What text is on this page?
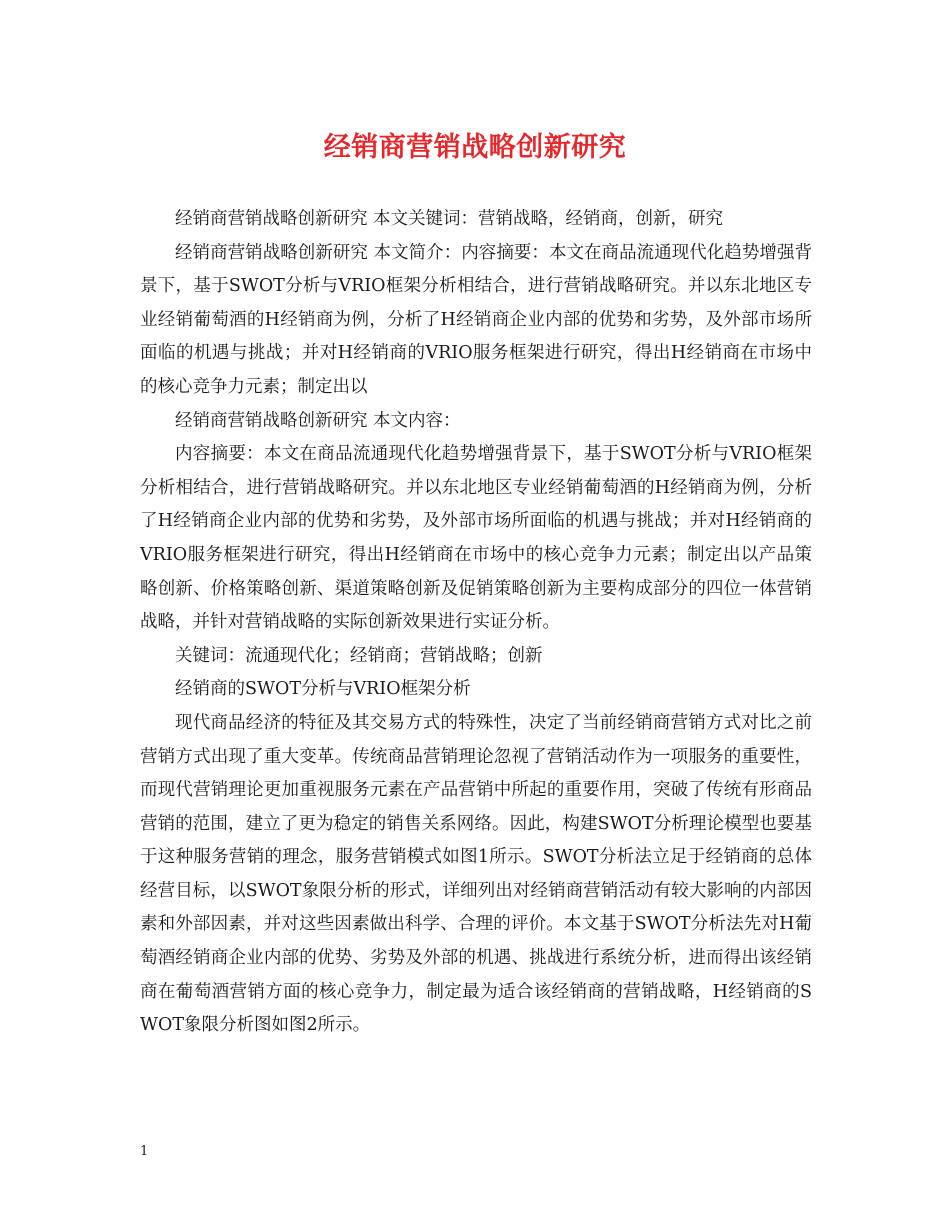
经销商营销战略创新研究

经销商营销战略创新研究 本文关键词：营销战略，经销商，创新，研究

经销商营销战略创新研究 本文简介：内容摘要：本文在商品流通现代化趋势增强背景下，基于SWOT分析与VRIO框架分析相结合，进行营销战略研究。并以东北地区专业经销葡萄酒的H经销商为例，分析了H经销商企业内部的优势和劣势，及外部市场所面临的机遇与挑战；并对H经销商的VRIO服务框架进行研究，得出H经销商在市场中的核心竞争力元素；制定出以

经销商营销战略创新研究 本文内容：

内容摘要：本文在商品流通现代化趋势增强背景下，基于SWOT分析与VRIO框架分析相结合，进行营销战略研究。并以东北地区专业经销葡萄酒的H经销商为例，分析了H经销商企业内部的优势和劣势，及外部市场所面临的机遇与挑战；并对H经销商的VRIO服务框架进行研究，得出H经销商在市场中的核心竞争力元素；制定出以产品策略创新、价格策略创新、渠道策略创新及促销策略创新为主要构成部分的四位一体营销战略，并针对营销战略的实际创新效果进行实证分析。

关键词：流通现代化；经销商；营销战略；创新

经销商的SWOT分析与VRIO框架分析

现代商品经济的特征及其交易方式的特殊性，决定了当前经销商营销方式对比之前营销方式出现了重大变革。传统商品营销理论忽视了营销活动作为一项服务的重要性，而现代营销理论更加重视服务元素在产品营销中所起的重要作用，突破了传统有形商品营销的范围，建立了更为稳定的销售关系网络。因此，构建SWOT分析理论模型也要基于这种服务营销的理念，服务营销模式如图1所示。SWOT分析法立足于经销商的总体经营目标，以SWOT象限分析的形式，详细列出对经销商营销活动有较大影响的内部因素和外部因素，并对这些因素做出科学、合理的评价。本文基于SWOT分析法先对H葡萄酒经销商企业内部的优势、劣势及外部的机遇、挑战进行系统分析，进而得出该经销商在葡萄酒营销方面的核心竞争力，制定最为适合该经销商的营销战略，H经销商的SWOT象限分析图如图2所示。

1
